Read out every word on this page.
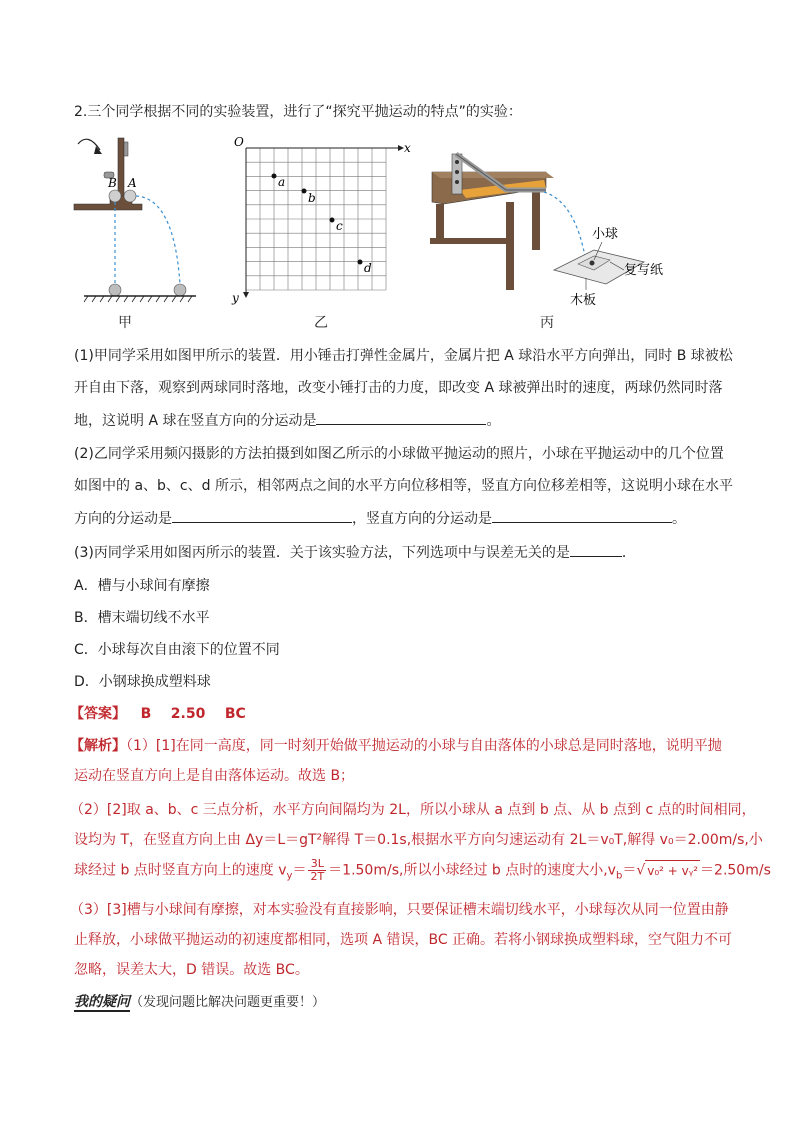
2.三个同学根据不同的实验装置，进行了“探究平抛运动的特点”的实验：
B A
甲
O	x
y
a
b
c
d
乙
小球
复写纸
木板
丙
(1)甲同学采用如图甲所示的装置．用小锤击打弹性金属片，金属片把 A 球沿水平方向弹出，同时 B 球被松
开自由下落，观察到两球同时落地，改变小锤打击的力度，即改变 A 球被弹出时的速度，两球仍然同时落
地，这说明 A 球在竖直方向的分运动是	。
(2)乙同学采用频闪摄影的方法拍摄到如图乙所示的小球做平抛运动的照片，小球在平抛运动中的几个位置
如图中的 a、b、c、d 所示，相邻两点之间的水平方向位移相等，竖直方向位移差相等，这说明小球在水平
方向的分运动是	，竖直方向的分运动是	。
(3)丙同学采用如图丙所示的装置．关于该实验方法，下列选项中与误差无关的是	．
A．槽与小球间有摩擦
B．槽末端切线不水平
C．小球每次自由滚下的位置不同
D．小钢球换成塑料球
【答案】 B    2.50    BC
【解析】（1）[1]在同一高度，同一时刻开始做平抛运动的小球与自由落体的小球总是同时落地，说明平抛
运动在竖直方向上是自由落体运动。故选 B；
（2）[2]取 a、b、c 三点分析，水平方向间隔均为 2L，所以小球从 a 点到 b 点、从 b 点到 c 点的时间相同，
设均为 T，在竖直方向上由 Δy＝L＝gT²解得 T＝0.1s,根据水平方向匀速运动有 2L＝v₀T,解得 v₀＝2.00m/s,小
球经过 b 点时竖直方向上的速度 $v_y= \frac{3L}{2T} =1.50m/s$,所以小球经过 b 点时的速度大小$,v_b=√$ v₀² + vᵧ² ＝2.50m/s
（3）[3]槽与小球间有摩擦，对本实验没有直接影响，只要保证槽末端切线水平，小球每次从同一位置由静
止释放，小球做平抛运动的初速度都相同，选项 A 错误，BC 正确。若将小钢球换成塑料球，空气阻力不可
忽略，误差太大，D 错误。故选 BC。
我的疑问（发现问题比解决问题更重要！）
